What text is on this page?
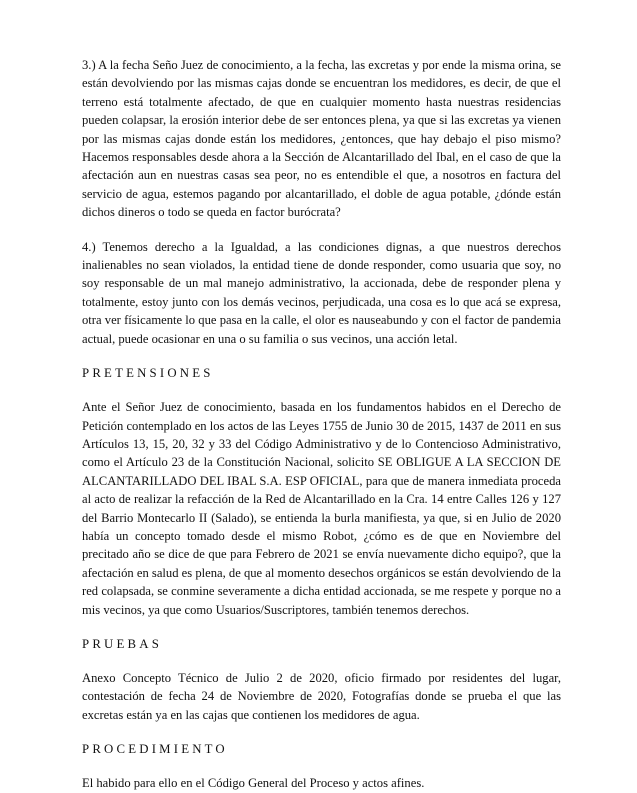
3.) A la fecha Seño Juez de conocimiento, a la fecha, las excretas y por ende la misma orina, se están devolviendo por las mismas cajas donde se encuentran los medidores, es decir, de que el terreno está totalmente afectado, de que en cualquier momento hasta nuestras residencias pueden colapsar, la erosión interior debe de ser entonces plena, ya que si las excretas ya vienen por las mismas cajas donde están los medidores, ¿entonces, que hay debajo el piso mismo? Hacemos responsables desde ahora a la Sección de Alcantarillado del Ibal, en el caso de que la afectación aun en nuestras casas sea peor, no es entendible el que, a nosotros en factura del servicio de agua, estemos pagando por alcantarillado, el doble de agua potable, ¿dónde están dichos dineros o todo se queda en factor burócrata?

4.) Tenemos derecho a la Igualdad, a las condiciones dignas, a que nuestros derechos inalienables no sean violados, la entidad tiene de donde responder, como usuaria que soy, no soy responsable de un mal manejo administrativo, la accionada, debe de responder plena y totalmente, estoy junto con los demás vecinos, perjudicada, una cosa es lo que acá se expresa, otra ver físicamente lo que pasa en la calle, el olor es nauseabundo y con el factor de pandemia actual, puede ocasionar en una o su familia o sus vecinos, una acción letal.

PRETENSIONES

Ante el Señor Juez de conocimiento, basada en los fundamentos habidos en el Derecho de Petición contemplado en los actos de las Leyes 1755 de Junio 30 de 2015, 1437 de 2011 en sus Artículos 13, 15, 20, 32 y 33 del Código Administrativo y de lo Contencioso Administrativo, como el Artículo 23 de la Constitución Nacional, solicito SE OBLIGUE A LA SECCION DE ALCANTARILLADO DEL IBAL S.A. ESP OFICIAL, para que de manera inmediata proceda al acto de realizar la refacción de la Red de Alcantarillado en la Cra. 14 entre Calles 126 y 127 del Barrio Montecarlo II (Salado), se entienda la burla manifiesta, ya que, si en Julio de 2020 había un concepto tomado desde el mismo Robot, ¿cómo es de que en Noviembre del precitado año se dice de que para Febrero de 2021 se envía nuevamente dicho equipo?, que la afectación en salud es plena, de que al momento desechos orgánicos se están devolviendo de la red colapsada, se conmine severamente a dicha entidad accionada, se me respete y porque no a mis vecinos, ya que como Usuarios/Suscriptores, también tenemos derechos.

PRUEBAS

Anexo Concepto Técnico de Julio 2 de 2020, oficio firmado por residentes del lugar, contestación de fecha 24 de Noviembre de 2020, Fotografías donde se prueba el que las excretas están ya en las cajas que contienen los medidores de agua.

PROCEDIMIENTO

El habido para ello en el Código General del Proceso y actos afines.
